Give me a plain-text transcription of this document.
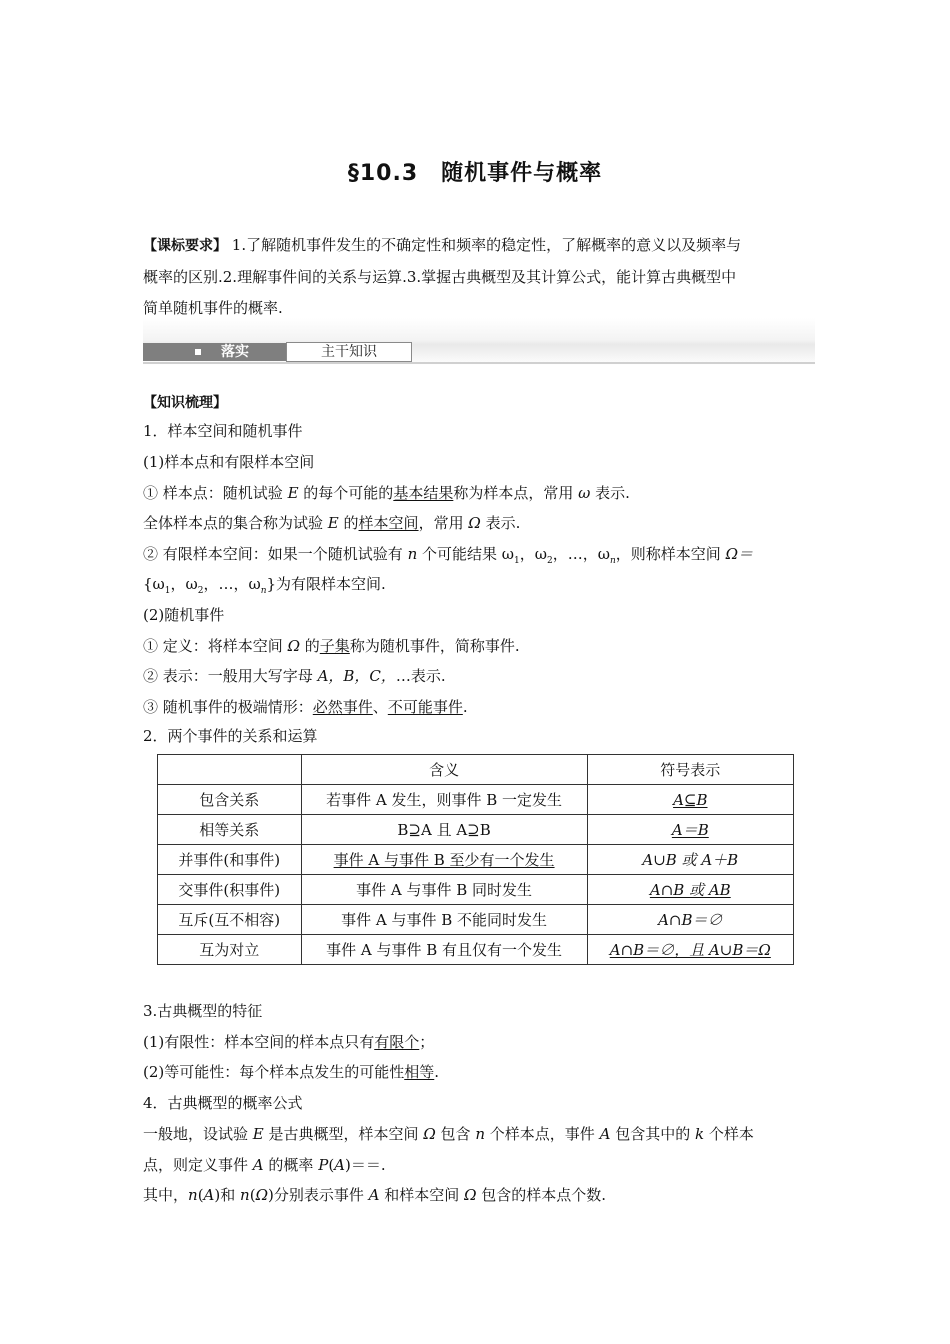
§10.3　随机事件与概率
【课标要求】 1.了解随机事件发生的不确定性和频率的稳定性，了解概率的意义以及频率与
概率的区别.2.理解事件间的关系与运算.3.掌握古典概型及其计算公式，能计算古典概型中
简单随机事件的概率.
落实	主干知识
【知识梳理】
1．样本空间和随机事件
(1)样本点和有限样本空间
① 样本点：随机试验 E 的每个可能的基本结果称为样本点，常用 ω 表示.
全体样本点的集合称为试验 E 的样本空间，常用 Ω 表示.
② 有限样本空间：如果一个随机试验有 n 个可能结果 $\omega_1$，$\omega_2$，…，$\omega_n$，则称样本空间 Ω＝
{$\omega_1$，$\omega_2$，…，$\omega_n$}为有限样本空间.
(2)随机事件
① 定义：将样本空间 Ω 的子集称为随机事件，简称事件.
② 表示：一般用大写字母 A，B，C，…表示.
③ 随机事件的极端情形：必然事件、不可能事件.
2．两个事件的关系和运算
	含义	符号表示
包含关系	若事件 A 发生，则事件 B 一定发生	A⊆B
相等关系	B⊇A 且 A⊇B	A＝B
并事件(和事件)	事件 A 与事件 B 至少有一个发生	A∪B 或 A＋B
交事件(积事件)	事件 A 与事件 B 同时发生	A∩B 或 AB
互斥(互不相容)	事件 A 与事件 B 不能同时发生	A∩B＝∅
互为对立	事件 A 与事件 B 有且仅有一个发生	A∩B＝∅，且 A∪B＝Ω
3.古典概型的特征
(1)有限性：样本空间的样本点只有有限个；
(2)等可能性：每个样本点发生的可能性相等.
4．古典概型的概率公式
一般地，设试验 E 是古典概型，样本空间 Ω 包含 n 个样本点，事件 A 包含其中的 k 个样本
点，则定义事件 A 的概率 P(A)＝＝.
其中，n(A)和 n(Ω)分别表示事件 A 和样本空间 Ω 包含的样本点个数.
